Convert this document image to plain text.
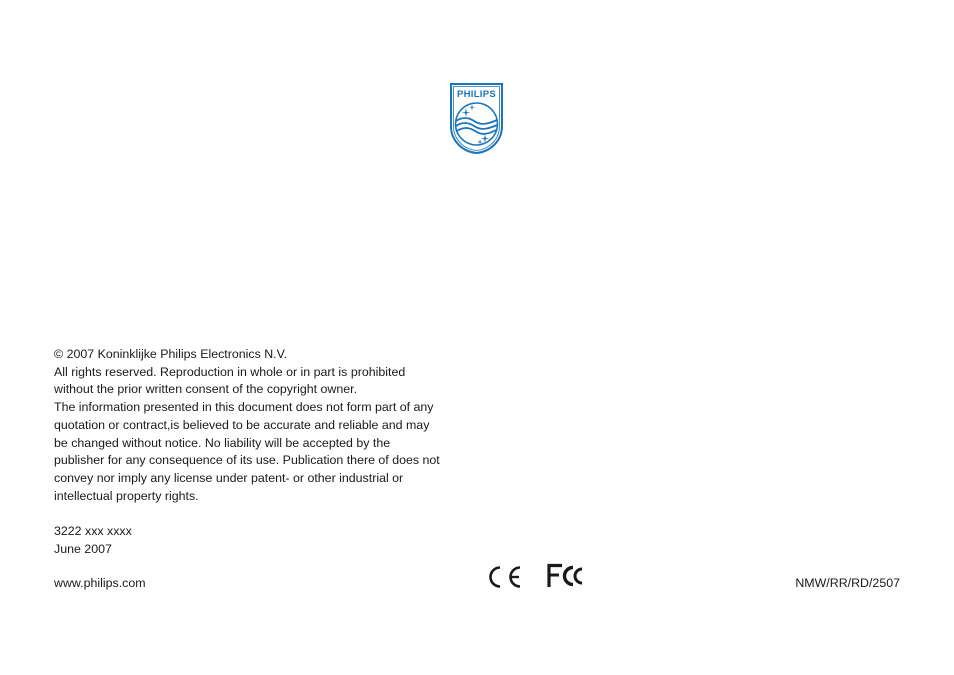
PHILIPS

© 2007 Koninklijke Philips Electronics N.V.

All rights reserved. Reproduction in whole or in part is prohibited

without the prior written consent of the copyright owner.

The information presented in this document does not form part of any

quotation or contract,is believed to be accurate and reliable and may

be changed without notice. No liability will be accepted by the

publisher for any consequence of its use. Publication there of does not

convey nor imply any license under patent- or other industrial or

intellectual property rights.

3222 xxx xxxx

June 2007

www.philips.com	NMW/RR/RD/2507
